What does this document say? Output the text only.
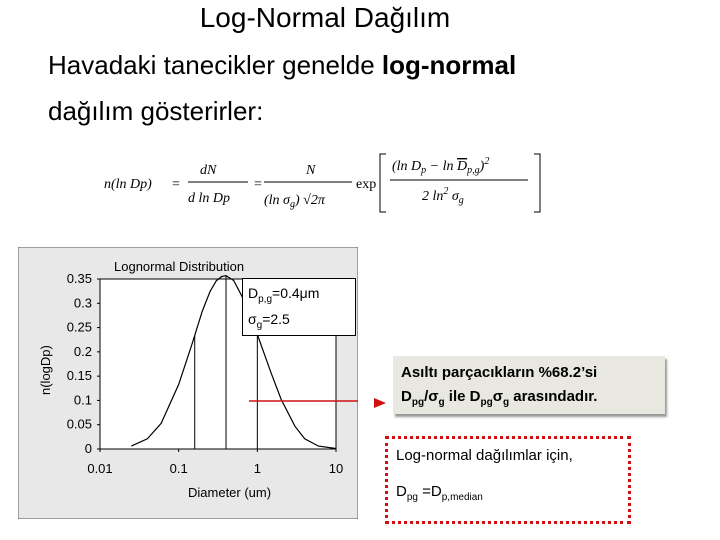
Log-Normal Dağılım
Havadaki tanecikler genelde log-normal
dağılım gösterirler:
n(ln Dp) =
dN
d ln Dp
=
N
(ln $\sigma_g$) √2π
exp
(ln $D_p - \ln D_{p,g})^2$
2 $\ln^2 \sigma_g$
Lognormal Distribution
Diameter (um)
n(logDp)
0
0.05
0.1
0.15
0.2
0.25
0.3
0.35
0.01	0.1	1	10
$D_{p,g}=0.4\mu m$
$\sigma_g=2.5$
Asıltı parçacıkların %68.2’si
$D_{pg}/\sigma_g$ ile $D_{pg}\sigma_g$ arasındadır.
Log-normal dağılımlar için,
$D_{pg} =D_{p,median}$
